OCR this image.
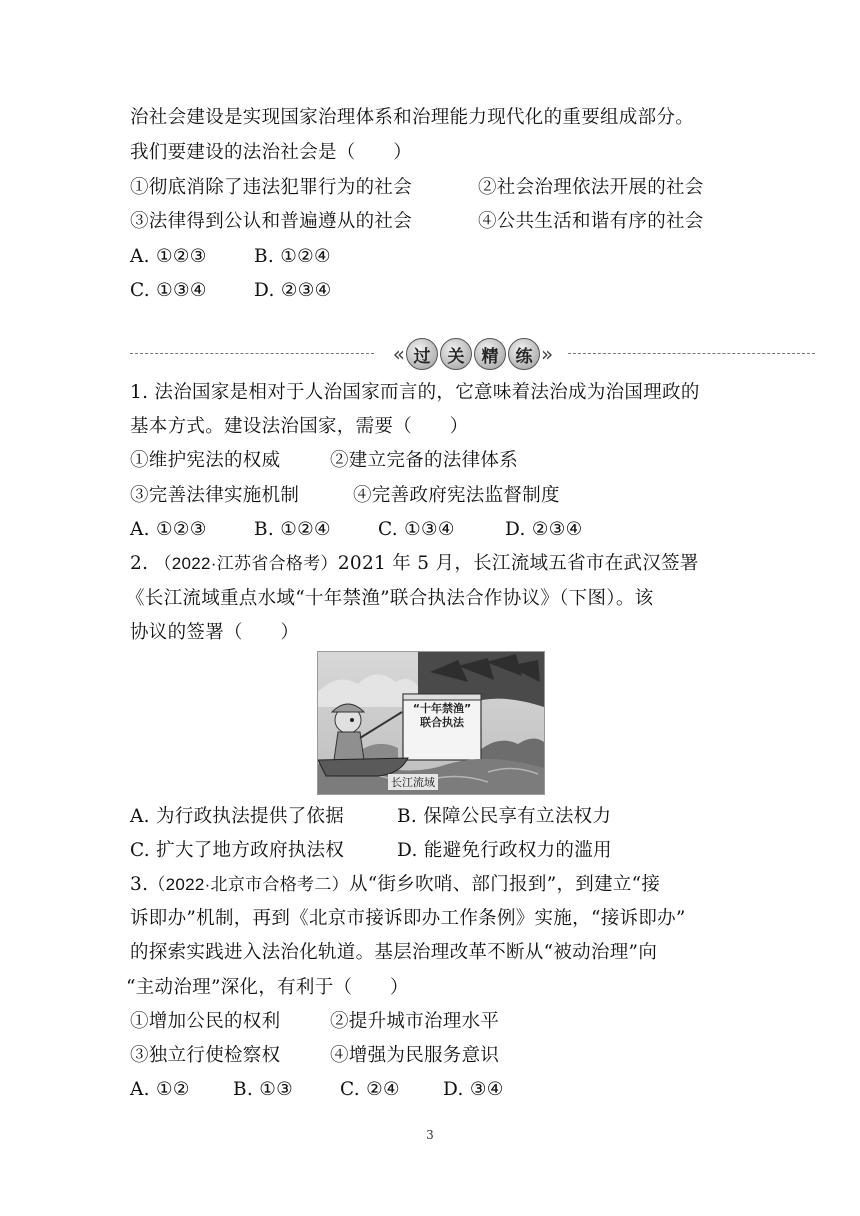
治社会建设是实现国家治理体系和治理能力现代化的重要组成部分。
我们要建设的法治社会是（　　）
①彻底消除了违法犯罪行为的社会	②社会治理依法开展的社会
③法律得到公认和普遍遵从的社会	④公共生活和谐有序的社会
A. ①②③	B. ①②④
C. ①③④	D. ②③④
« 过	关	精	练 »
1. 法治国家是相对于人治国家而言的，它意味着法治成为治国理政的
基本方式。建设法治国家，需要（　　）
①维护宪法的权威	②建立完备的法律体系
③完善法律实施机制	④完善政府宪法监督制度
A. ①②③	B. ①②④	C. ①③④	D. ②③④
2. （2022·江苏省合格考）2021 年 5 月，长江流域五省市在武汉签署
《长江流域重点水域“十年禁渔”联合执法合作协议》（下图）。该
协议的签署（　　）
“十年禁渔”
联合执法
长江流域
A. 为行政执法提供了依据	B. 保障公民享有立法权力
C. 扩大了地方政府执法权	D. 能避免行政权力的滥用
3.（2022·北京市合格考二）从“街乡吹哨、部门报到”，到建立“接
诉即办”机制，再到《北京市接诉即办工作条例》实施，“接诉即办”
的探索实践进入法治化轨道。基层治理改革不断从“被动治理”向
“主动治理”深化，有利于（　　）
①增加公民的权利	②提升城市治理水平
③独立行使检察权	④增强为民服务意识
A. ①② B. ①③	C. ②④ D. ③④
3
